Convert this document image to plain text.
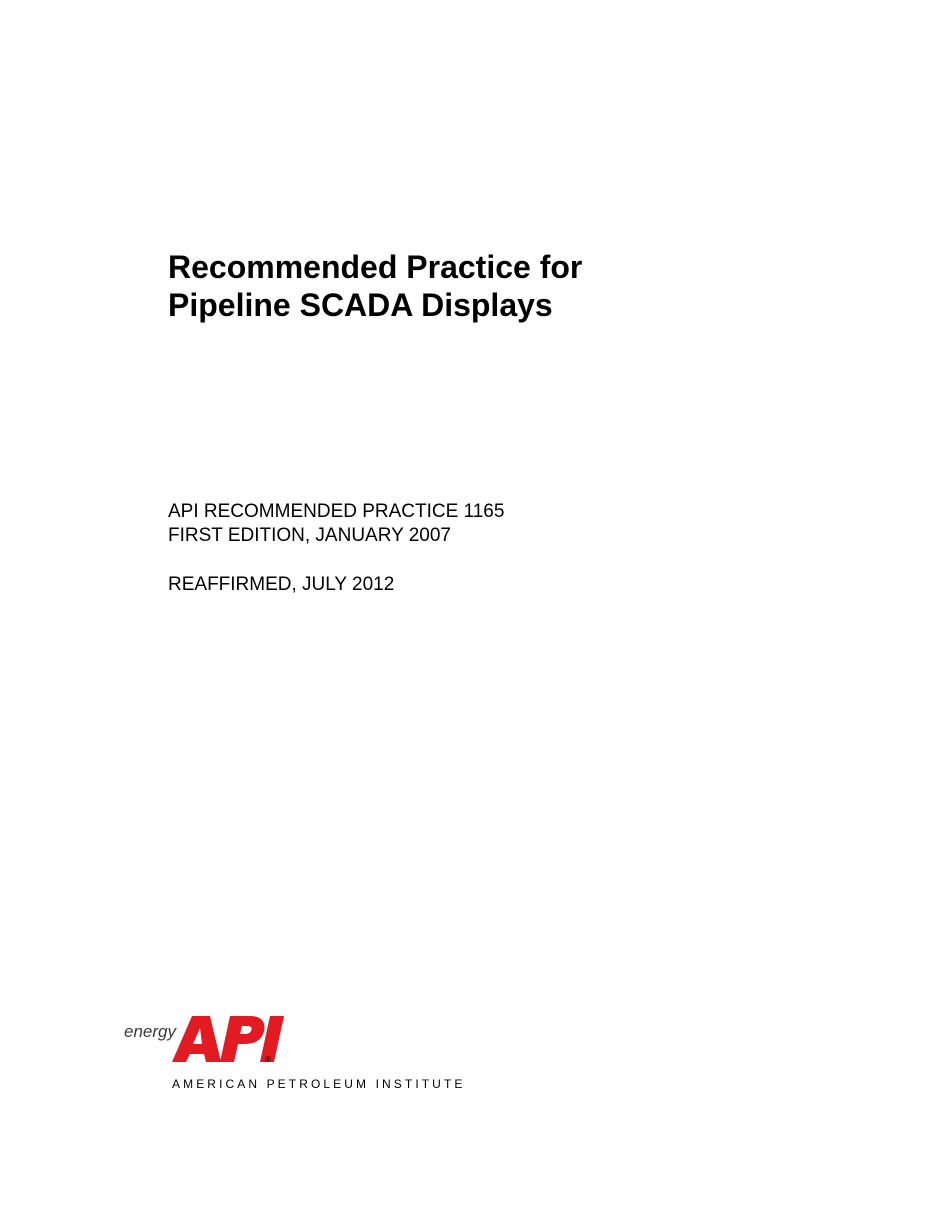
Recommended Practice for
Pipeline SCADA Displays
API RECOMMENDED PRACTICE 1165
FIRST EDITION, JANUARY 2007
REAFFIRMED, JULY 2012
energy
®
AMERICAN PETROLEUM INSTITUTE
